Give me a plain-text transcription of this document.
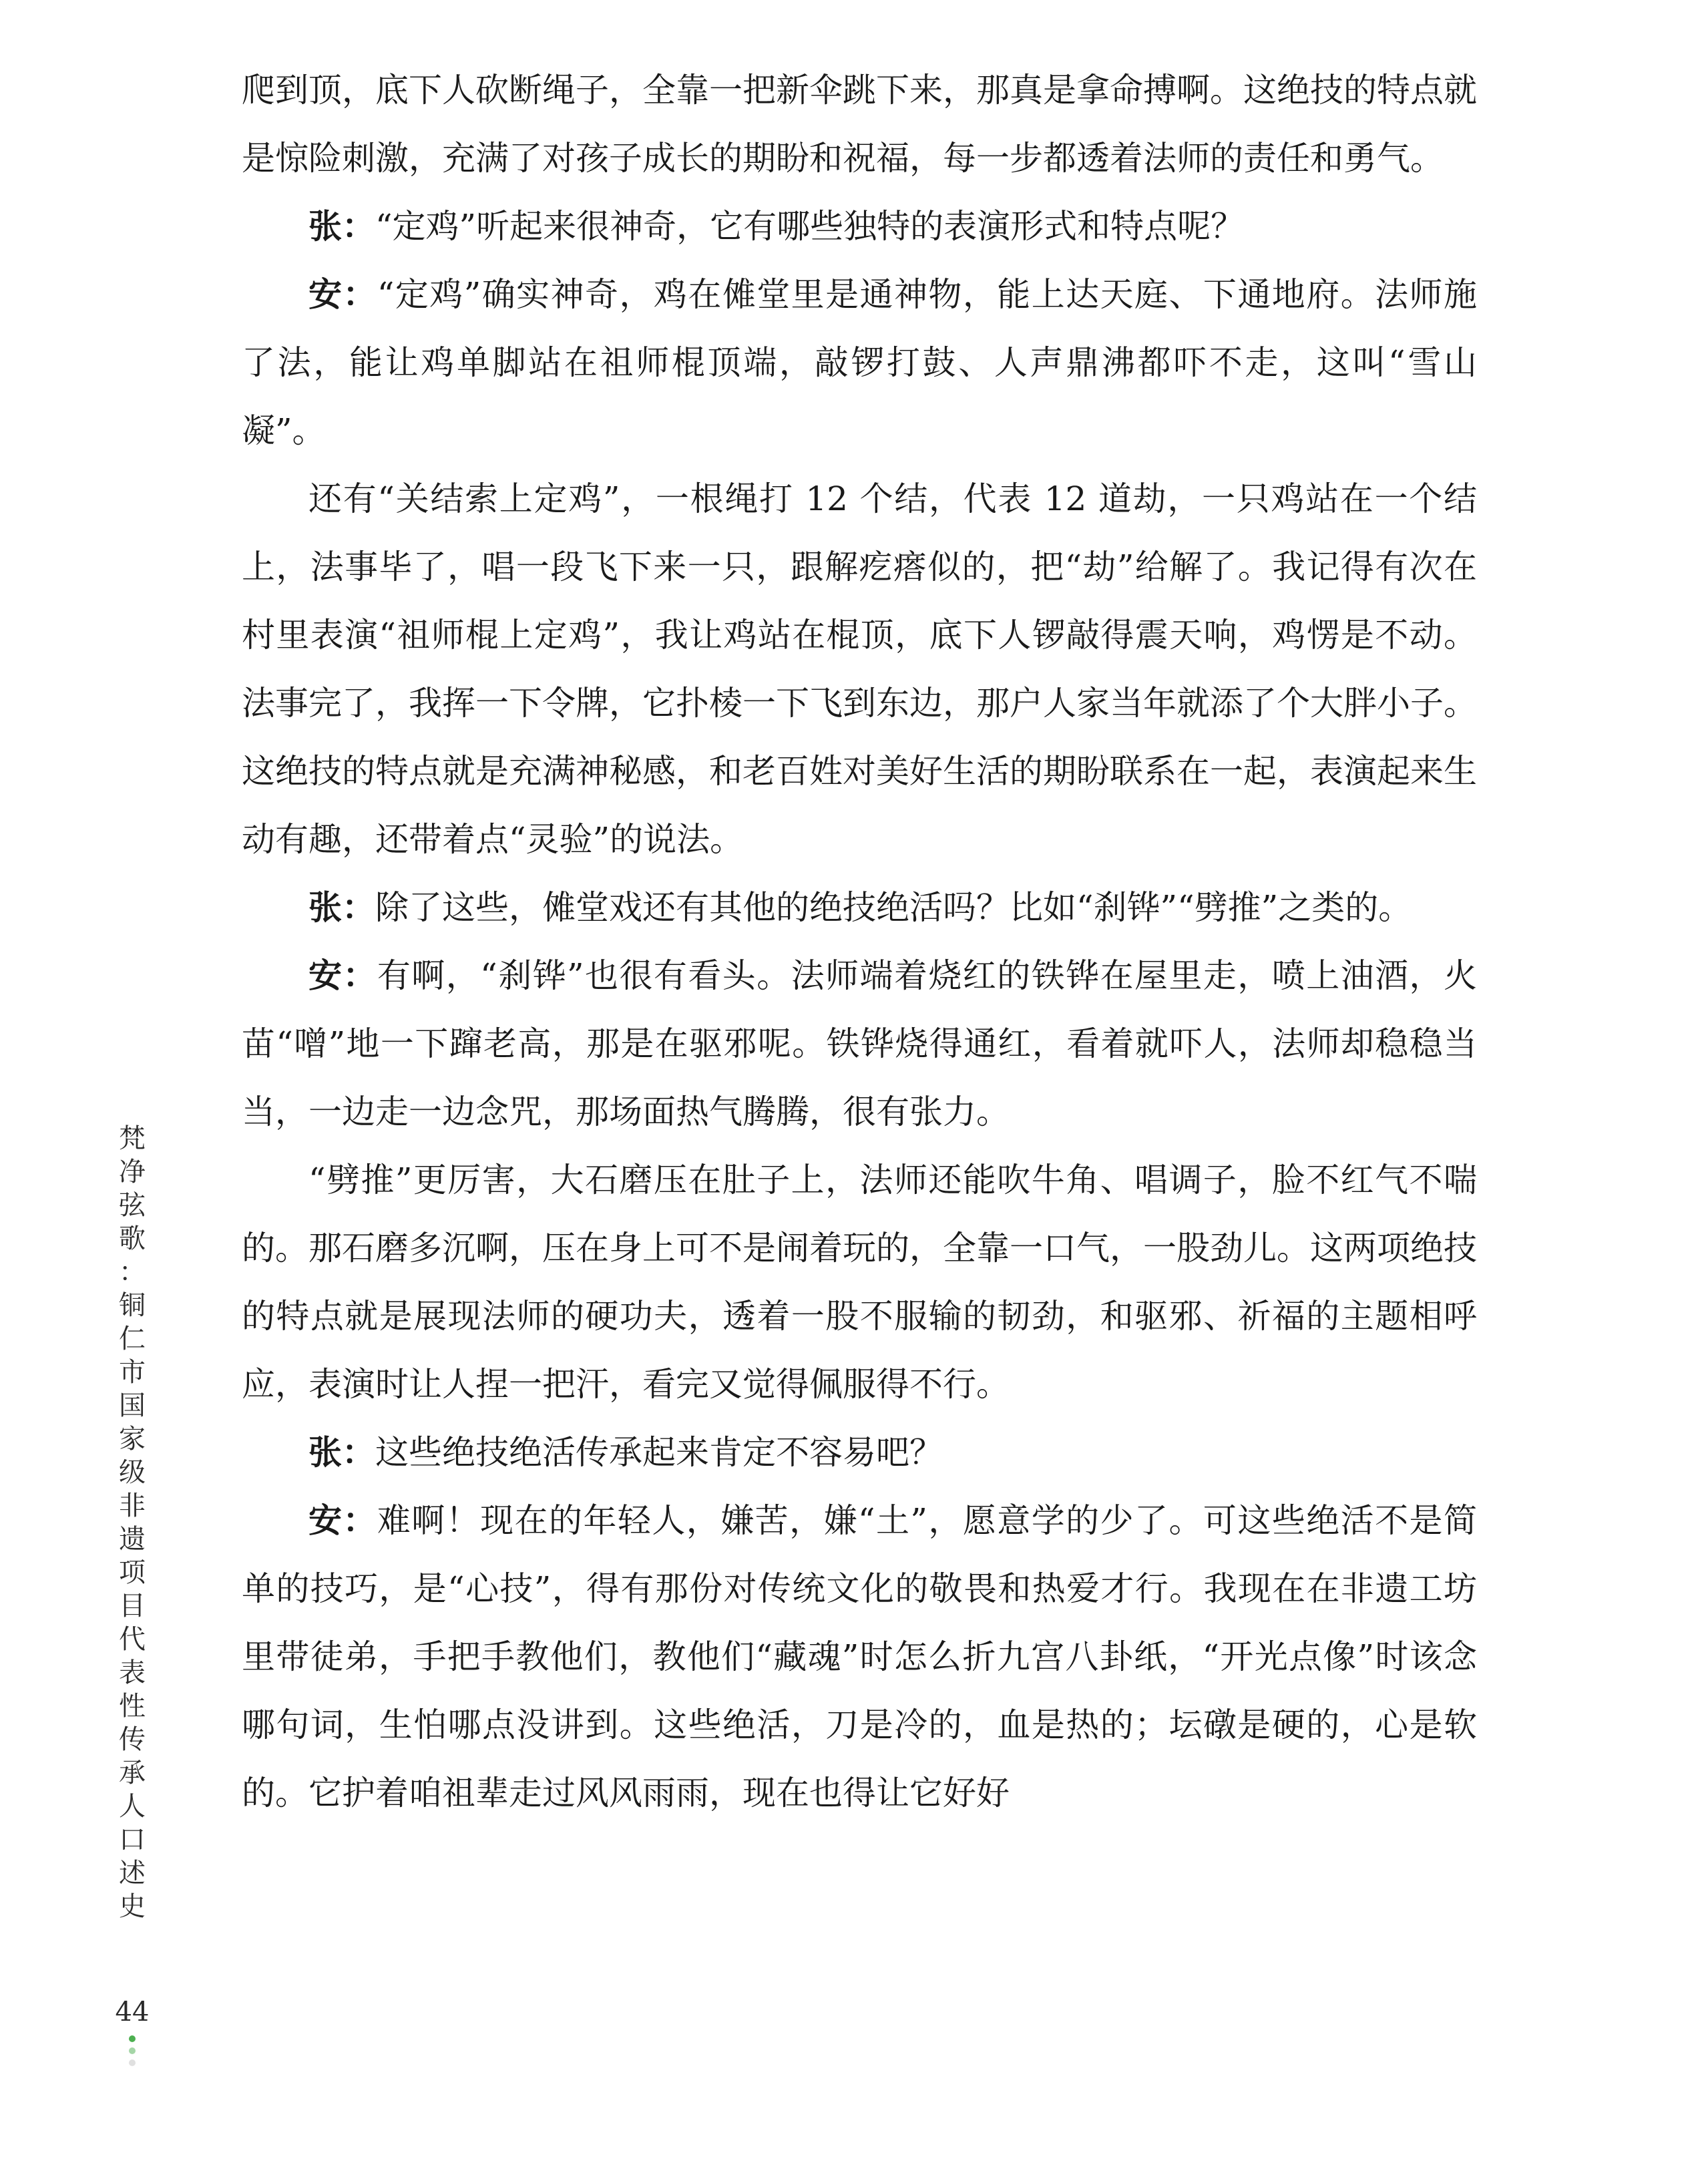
爬到顶，底下人砍断绳子，全靠一把新伞跳下来，那真是拿命搏啊。这绝技的特点就是惊险刺激，充满了对孩子成长的期盼和祝福，每一步都透着法师的责任和勇气。

张：“定鸡”听起来很神奇，它有哪些独特的表演形式和特点呢？

安：“定鸡”确实神奇，鸡在傩堂里是通神物，能上达天庭、下通地府。法师施了法，能让鸡单脚站在祖师棍顶端，敲锣打鼓、人声鼎沸都吓不走，这叫“雪山凝”。

还有“关结索上定鸡”，一根绳打 12 个结，代表 12 道劫，一只鸡站在一个结上，法事毕了，唱一段飞下来一只，跟解疙瘩似的，把“劫”给解了。我记得有次在村里表演“祖师棍上定鸡”，我让鸡站在棍顶，底下人锣敲得震天响，鸡愣是不动。法事完了，我挥一下令牌，它扑棱一下飞到东边，那户人家当年就添了个大胖小子。这绝技的特点就是充满神秘感，和老百姓对美好生活的期盼联系在一起，表演起来生动有趣，还带着点“灵验”的说法。

张：除了这些，傩堂戏还有其他的绝技绝活吗？比如“刹铧”“劈推”之类的。

安：有啊，“刹铧”也很有看头。法师端着烧红的铁铧在屋里走，喷上油酒，火苗“噌”地一下蹿老高，那是在驱邪呢。铁铧烧得通红，看着就吓人，法师却稳稳当当，一边走一边念咒，那场面热气腾腾，很有张力。

“劈推”更厉害，大石磨压在肚子上，法师还能吹牛角、唱调子，脸不红气不喘的。那石磨多沉啊，压在身上可不是闹着玩的，全靠一口气，一股劲儿。这两项绝技的特点就是展现法师的硬功夫，透着一股不服输的韧劲，和驱邪、祈福的主题相呼应，表演时让人捏一把汗，看完又觉得佩服得不行。

张：这些绝技绝活传承起来肯定不容易吧？

安：难啊！现在的年轻人，嫌苦，嫌“土”，愿意学的少了。可这些绝活不是简单的技巧，是“心技”，得有那份对传统文化的敬畏和热爱才行。我现在在非遗工坊里带徒弟，手把手教他们，教他们“藏魂”时怎么折九宫八卦纸，“开光点像”时该念哪句词，生怕哪点没讲到。这些绝活，刀是冷的，血是热的；坛礅是硬的，心是软的。它护着咱祖辈走过风风雨雨，现在也得让它好好

梵
净
弦
歌
：
铜
仁
市
国
家
级
非
遗
项
目
代
表
性
传
承
人
口
述
史
44
